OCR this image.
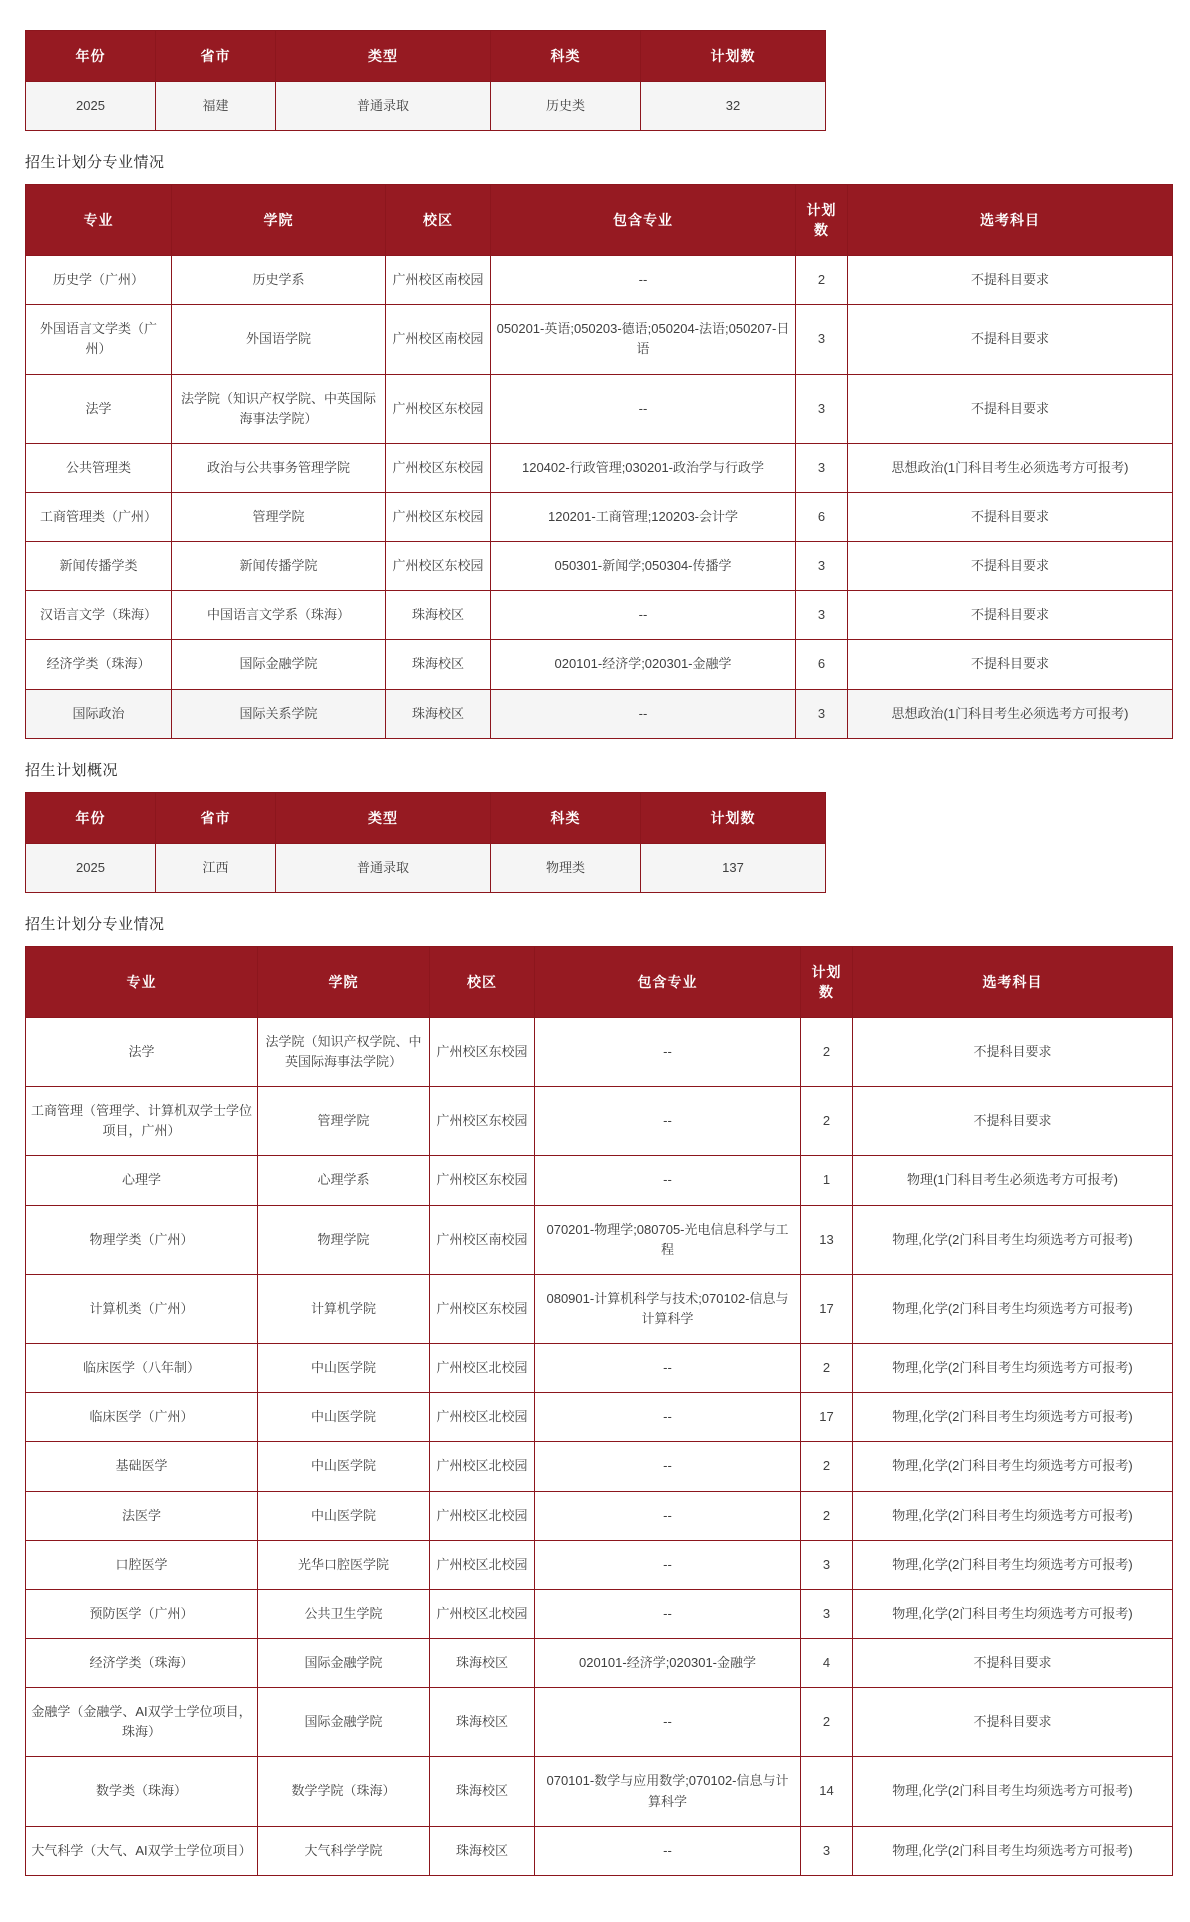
年份	省市	类型	科类	计划数
2025	福建	普通录取	历史类	32
招生计划分专业情况
专业	学院	校区	包含专业	计划数	选考科目
历史学（广州）	历史学系	广州校区南校园	--	2	不提科目要求
外国语言文学类（广州）	外国语学院	广州校区南校园	050201-英语;050203-德语;050204-法语;050207-日语	3	不提科目要求
法学	法学院（知识产权学院、中英国际海事法学院）	广州校区东校园	--	3	不提科目要求
公共管理类	政治与公共事务管理学院	广州校区东校园	120402-行政管理;030201-政治学与行政学	3	思想政治(1门科目考生必须选考方可报考)
工商管理类（广州）	管理学院	广州校区东校园	120201-工商管理;120203-会计学	6	不提科目要求
新闻传播学类	新闻传播学院	广州校区东校园	050301-新闻学;050304-传播学	3	不提科目要求
汉语言文学（珠海）	中国语言文学系（珠海）	珠海校区	--	3	不提科目要求
经济学类（珠海）	国际金融学院	珠海校区	020101-经济学;020301-金融学	6	不提科目要求
国际政治	国际关系学院	珠海校区	--	3	思想政治(1门科目考生必须选考方可报考)
招生计划概况
年份	省市	类型	科类	计划数
2025	江西	普通录取	物理类	137
招生计划分专业情况
专业	学院	校区	包含专业	计划数	选考科目
法学	法学院（知识产权学院、中英国际海事法学院）	广州校区东校园	--	2	不提科目要求
工商管理（管理学、计算机双学士学位项目，广州）	管理学院	广州校区东校园	--	2	不提科目要求
心理学	心理学系	广州校区东校园	--	1	物理(1门科目考生必须选考方可报考)
物理学类（广州）	物理学院	广州校区南校园	070201-物理学;080705-光电信息科学与工程	13	物理,化学(2门科目考生均须选考方可报考)
计算机类（广州）	计算机学院	广州校区东校园	080901-计算机科学与技术;070102-信息与计算科学	17	物理,化学(2门科目考生均须选考方可报考)
临床医学（八年制）	中山医学院	广州校区北校园	--	2	物理,化学(2门科目考生均须选考方可报考)
临床医学（广州）	中山医学院	广州校区北校园	--	17	物理,化学(2门科目考生均须选考方可报考)
基础医学	中山医学院	广州校区北校园	--	2	物理,化学(2门科目考生均须选考方可报考)
法医学	中山医学院	广州校区北校园	--	2	物理,化学(2门科目考生均须选考方可报考)
口腔医学	光华口腔医学院	广州校区北校园	--	3	物理,化学(2门科目考生均须选考方可报考)
预防医学（广州）	公共卫生学院	广州校区北校园	--	3	物理,化学(2门科目考生均须选考方可报考)
经济学类（珠海）	国际金融学院	珠海校区	020101-经济学;020301-金融学	4	不提科目要求
金融学（金融学、AI双学士学位项目，珠海）	国际金融学院	珠海校区	--	2	不提科目要求
数学类（珠海）	数学学院（珠海）	珠海校区	070101-数学与应用数学;070102-信息与计算科学	14	物理,化学(2门科目考生均须选考方可报考)
大气科学（大气、AI双学士学位项目）	大气科学学院	珠海校区	--	3	物理,化学(2门科目考生均须选考方可报考)
